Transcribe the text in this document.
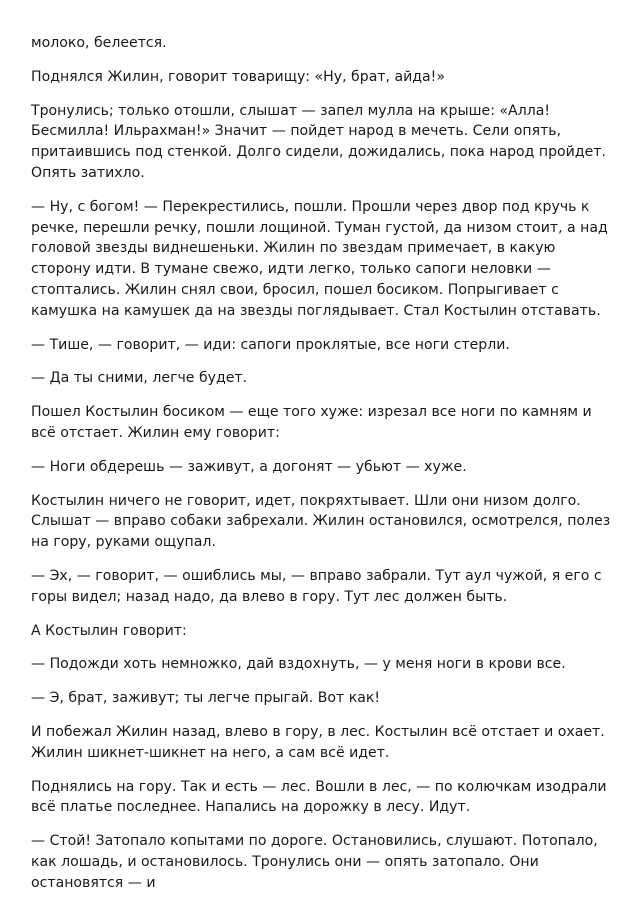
молоко, белеется.

Поднялся Жилин, говорит товарищу: «Ну, брат, айда!»

Тронулись; только отошли, слышат — запел мулла на крыше: «Алла! Бесмилла! Ильрахман!» Значит — пойдет народ в мечеть. Сели опять, притаившись под стенкой. Долго сидели, дожидались, пока народ пройдет. Опять затихло.

— Ну, с богом! — Перекрестились, пошли. Прошли через двор под кручь к речке, перешли речку, пошли лощиной. Туман густой, да низом стоит, а над головой звезды виднешеньки. Жилин по звездам примечает, в какую сторону идти. В тумане свежо, идти легко, только сапоги неловки — стоптались. Жилин снял свои, бросил, пошел босиком. Попрыгивает с камушка на камушек да на звезды поглядывает. Стал Костылин отставать.

— Тише, — говорит, — иди: сапоги проклятые, все ноги стерли.

— Да ты сними, легче будет.

Пошел Костылин босиком — еще того хуже: изрезал все ноги по камням и всё отстает. Жилин ему говорит:

— Ноги обдерешь — заживут, а догонят — убьют — хуже.

Костылин ничего не говорит, идет, покряхтывает. Шли они низом долго. Слышат — вправо собаки забрехали. Жилин остановился, осмотрелся, полез на гору, руками ощупал.

— Эх, — говорит, — ошиблись мы, — вправо забрали. Тут аул чужой, я его с горы видел; назад надо, да влево в гору. Тут лес должен быть.

А Костылин говорит:

— Подожди хоть немножко, дай вздохнуть, — у меня ноги в крови все.

— Э, брат, заживут; ты легче прыгай. Вот как!

И побежал Жилин назад, влево в гору, в лес. Костылин всё отстает и охает. Жилин шикнет-шикнет на него, а сам всё идет.

Поднялись на гору. Так и есть — лес. Вошли в лес, — по колючкам изодрали всё платье последнее. Напались на дорожку в лесу. Идут.

— Стой! Затопало копытами по дороге. Остановились, слушают. Потопало, как лошадь, и остановилось. Тронулись они — опять затопало. Они остановятся — и
